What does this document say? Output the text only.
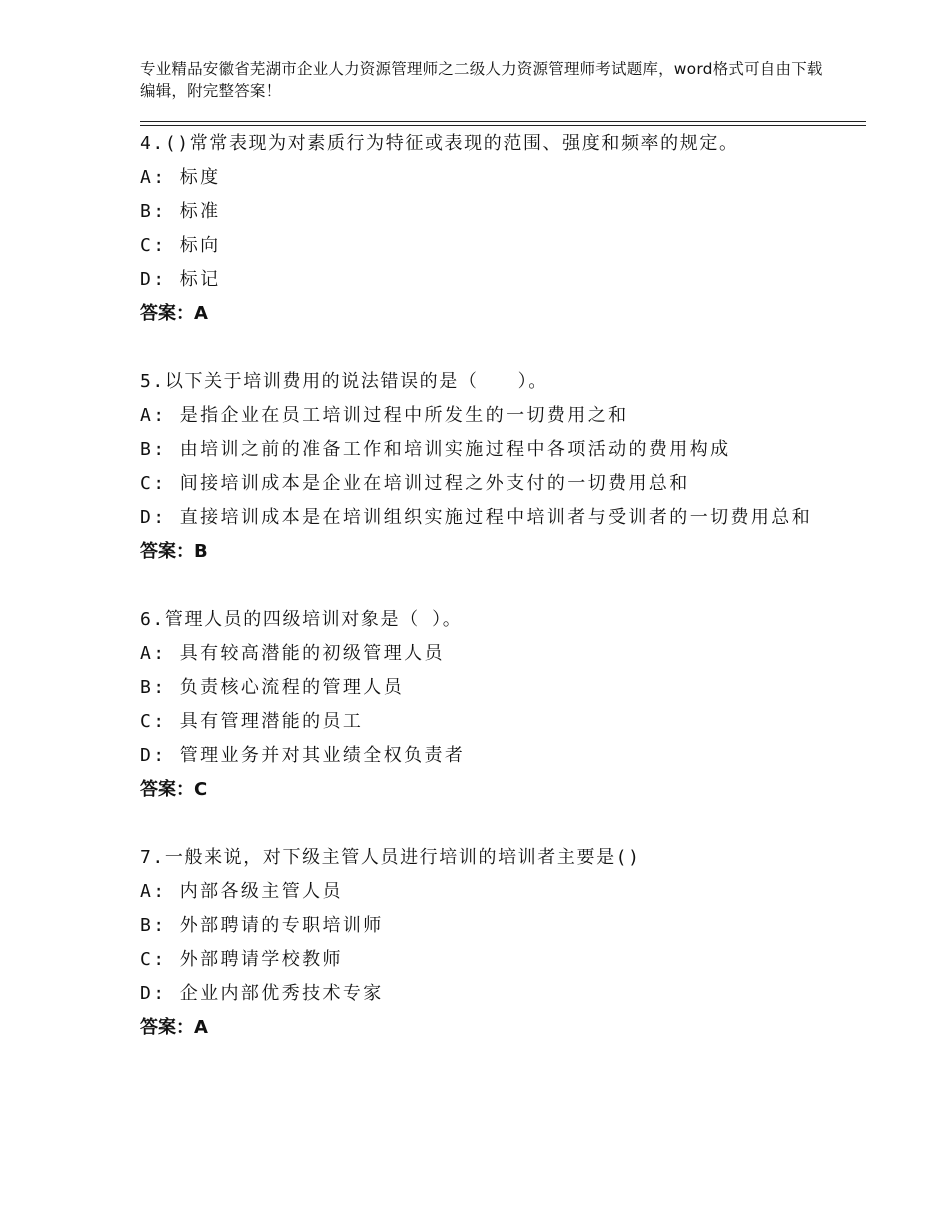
专业精品安徽省芜湖市企业人力资源管理师之二级人力资源管理师考试题库，word格式可自由下载编辑，附完整答案！
4.()常常表现为对素质行为特征或表现的范围、强度和频率的规定。
A: 标度
B: 标准
C: 标向
D: 标记
答案：A
5.以下关于培训费用的说法错误的是（　　）。
A: 是指企业在员工培训过程中所发生的一切费用之和
B: 由培训之前的准备工作和培训实施过程中各项活动的费用构成
C: 间接培训成本是企业在培训过程之外支付的一切费用总和
D: 直接培训成本是在培训组织实施过程中培训者与受训者的一切费用总和
答案：B
6.管理人员的四级培训对象是（ ）。
A: 具有较高潜能的初级管理人员
B: 负责核心流程的管理人员
C: 具有管理潜能的员工
D: 管理业务并对其业绩全权负责者
答案：C
7.一般来说，对下级主管人员进行培训的培训者主要是()
A: 内部各级主管人员
B: 外部聘请的专职培训师
C: 外部聘请学校教师
D: 企业内部优秀技术专家
答案：A
